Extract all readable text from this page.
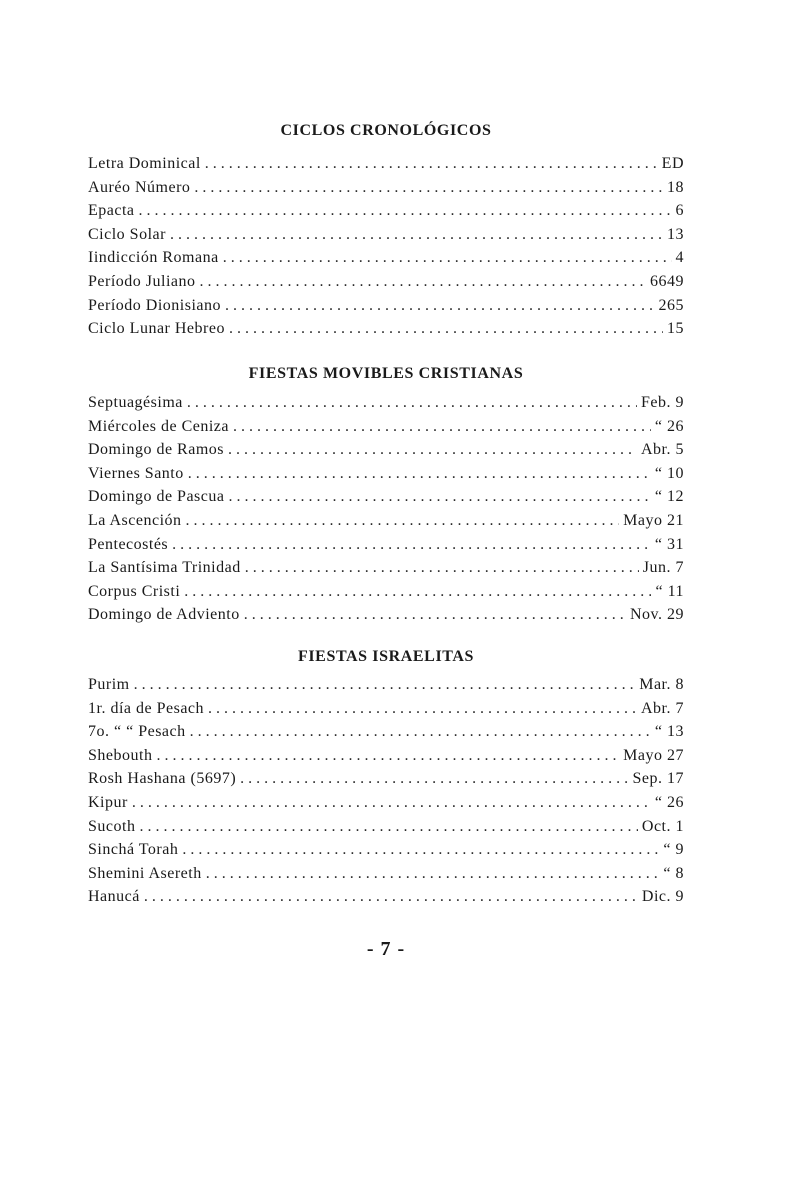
CICLOS CRONOLÓGICOS
Letra Dominical . . .	ED
Auréo Número . . .	18
Epacta . . .	6
Ciclo Solar . . .	13
Iindicción Romana . . .	4
Período Juliano . . .	6649
Período Dionisiano . . .	265
Ciclo Lunar Hebreo . . .	15
FIESTAS MOVIBLES CRISTIANAS
Septuagésima . . .	Feb. 9
Miércoles de Ceniza . . .	“ 26
Domingo de Ramos . . .	Abr. 5
Viernes Santo . . .	“ 10
Domingo de Pascua . . .	“ 12
La Ascención . . .	Mayo 21
Pentecostés . . .	“ 31
La Santísima Trinidad . . .	Jun. 7
Corpus Cristi . . .	“ 11
Domingo de Adviento . . .	Nov. 29
FIESTAS ISRAELITAS
Purim . . .	Mar. 8
1r. día de Pesach . . .	Abr. 7
7o. “ “ Pesach . . .	“ 13
Shebouth . . .	Mayo 27
Rosh Hashana (5697) . . .	Sep. 17
Kipur . . .	“ 26
Sucoth . . .	Oct. 1
Sinchá Torah . . .	“ 9
Shemini Asereth . . .	“ 8
Hanucá . . .	Dic. 9
- 7 -
